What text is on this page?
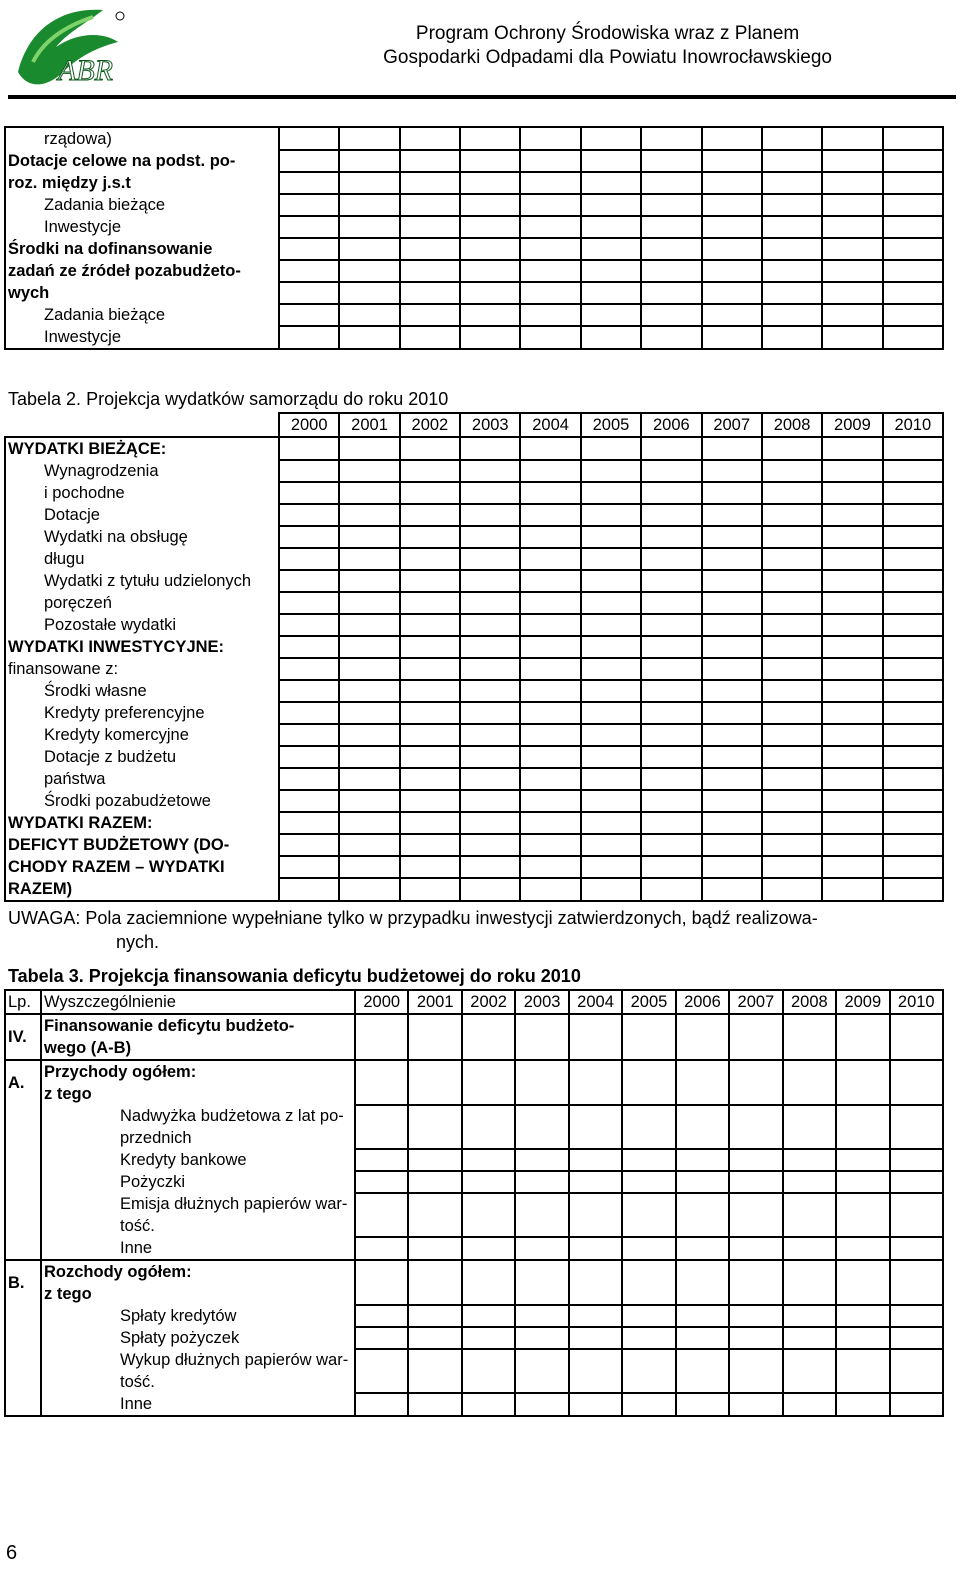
ABR
Program Ochrony Środowiska wraz z Planem
Gospodarki Odpadami dla Powiatu Inowrocławskiego
rządowa)											
Dotacje celowe na podst. po-											
roz. między j.s.t											
Zadania bieżące											
Inwestycje											
Środki na dofinansowanie											
zadań ze źródeł pozabudżeto-											
wych											
Zadania bieżące											
Inwestycje											
Tabela 2. Projekcja wydatków samorządu do roku 2010
	2000	2001	2002	2003	2004	2005	2006	2007	2008	2009	2010
WYDATKI BIEŻĄCE:											
Wynagrodzenia											
i pochodne											
Dotacje											
Wydatki na obsługę											
długu											
Wydatki z tytułu udzielonych											
poręczeń											
Pozostałe wydatki											
WYDATKI INWESTYCYJNE:											
finansowane z:											
Środki własne											
Kredyty preferencyjne											
Kredyty komercyjne											
Dotacje z budżetu											
państwa											
Środki pozabudżetowe											
WYDATKI RAZEM:											
DEFICYT BUDŻETOWY (DO-											
CHODY RAZEM – WYDATKI											
RAZEM)											
UWAGA: Pola zaciemnione wypełniane tylko w przypadku inwestycji zatwierdzonych, bądź realizowa-
nych.
Tabela 3. Projekcja finansowania deficytu budżetowej do roku 2010
Lp.	Wyszczególnienie	2000	2001	2002	2003	2004	2005	2006	2007	2008	2009	2010
IV.	Finansowanie deficytu budżeto-
wego (A-B)											

A.	Przychody ogółem:
z tego											

	Nadwyżka budżetowa z lat po-
przednich											

	Kredyty bankowe											

	Pożyczki											

	Emisja dłużnych papierów war-
tość.											

	Inne											

B.	Rozchody ogółem:
z tego											

	Spłaty kredytów											

	Spłaty pożyczek											

	Wykup dłużnych papierów war-
tość.											

	Inne											

6
